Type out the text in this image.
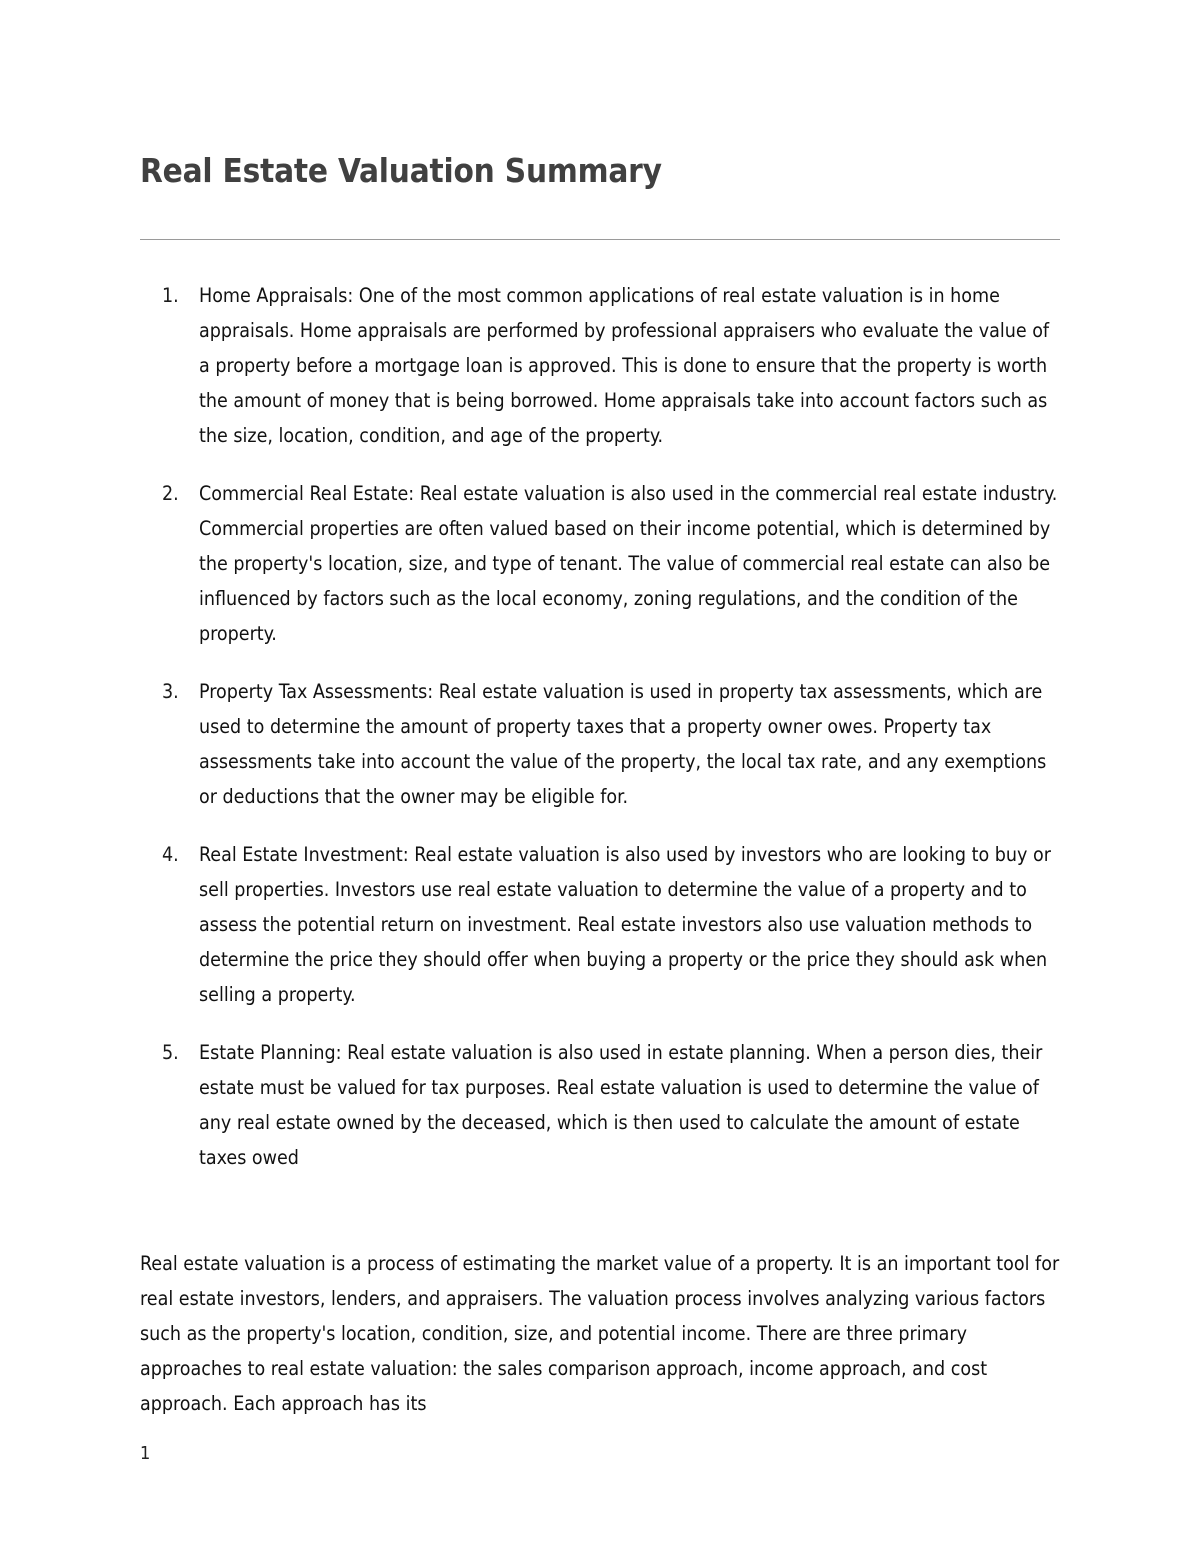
Real Estate Valuation Summary
Home Appraisals: One of the most common applications of real estate valuation is in home appraisals. Home appraisals are performed by professional appraisers who evaluate the value of a property before a mortgage loan is approved. This is done to ensure that the property is worth the amount of money that is being borrowed. Home appraisals take into account factors such as the size, location, condition, and age of the property.
Commercial Real Estate: Real estate valuation is also used in the commercial real estate industry. Commercial properties are often valued based on their income potential, which is determined by the property's location, size, and type of tenant. The value of commercial real estate can also be influenced by factors such as the local economy, zoning regulations, and the condition of the property.
Property Tax Assessments: Real estate valuation is used in property tax assessments, which are used to determine the amount of property taxes that a property owner owes. Property tax assessments take into account the value of the property, the local tax rate, and any exemptions or deductions that the owner may be eligible for.
Real Estate Investment: Real estate valuation is also used by investors who are looking to buy or sell properties. Investors use real estate valuation to determine the value of a property and to assess the potential return on investment. Real estate investors also use valuation methods to determine the price they should offer when buying a property or the price they should ask when selling a property.
Estate Planning: Real estate valuation is also used in estate planning. When a person dies, their estate must be valued for tax purposes. Real estate valuation is used to determine the value of any real estate owned by the deceased, which is then used to calculate the amount of estate taxes owed

Real estate valuation is a process of estimating the market value of a property. It is an important tool for real estate investors, lenders, and appraisers. The valuation process involves analyzing various factors such as the property's location, condition, size, and potential income. There are three primary approaches to real estate valuation: the sales comparison approach, income approach, and cost approach. Each approach has its

1
